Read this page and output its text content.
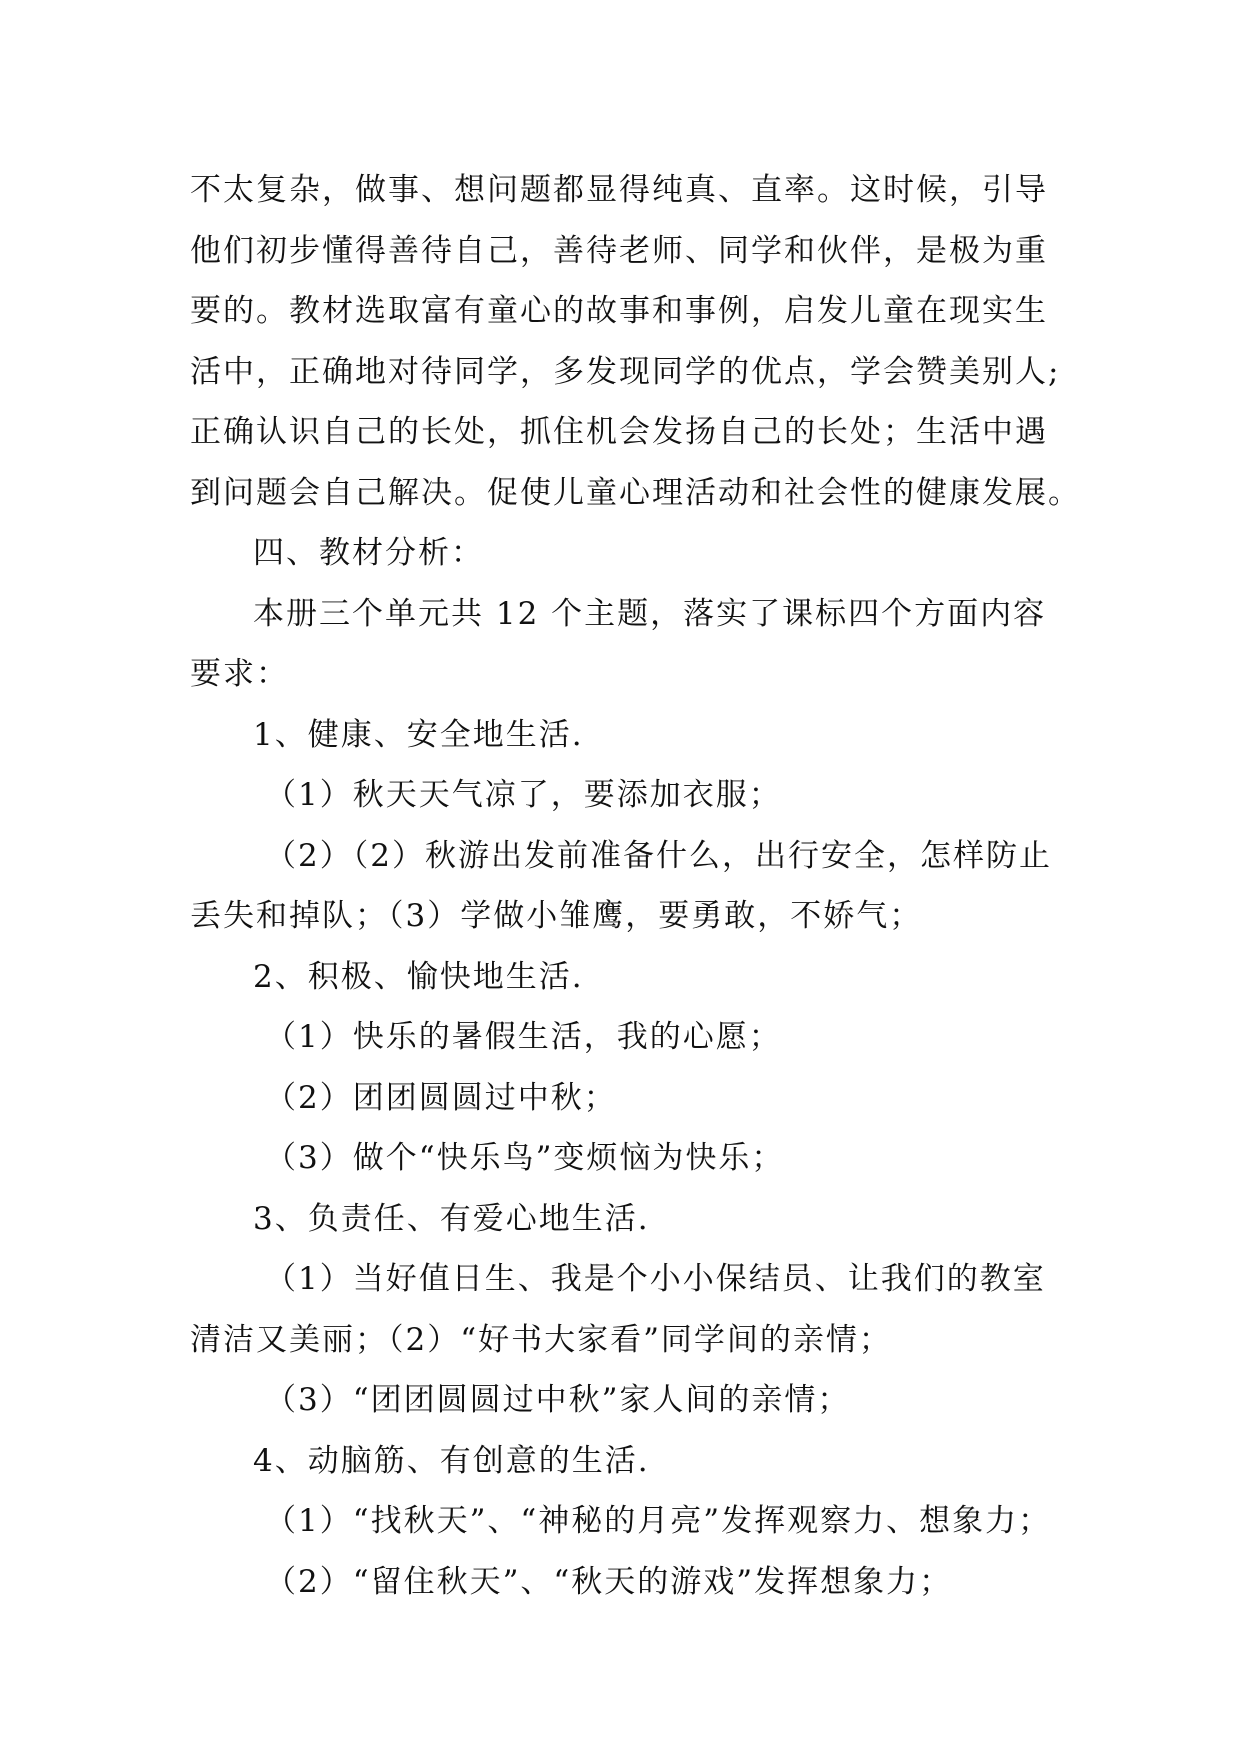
不太复杂，做事、想问题都显得纯真、直率。这时候，引导
他们初步懂得善待自己，善待老师、同学和伙伴，是极为重
要的。教材选取富有童心的故事和事例，启发儿童在现实生
活中，正确地对待同学，多发现同学的优点，学会赞美别人;
正确认识自己的长处，抓住机会发扬自己的长处；生活中遇
到问题会自己解决。促使儿童心理活动和社会性的健康发展。
四、教材分析：
本册三个单元共 12 个主题，落实了课标四个方面内容
要求：
1、健康、安全地生活.
（1）秋天天气凉了，要添加衣服；
（2）（2）秋游出发前准备什么，出行安全，怎样防止
丢失和掉队；（3）学做小雏鹰，要勇敢，不娇气；
2、积极、愉快地生活.
（1）快乐的暑假生活，我的心愿；
（2）团团圆圆过中秋；
（3）做个“快乐鸟”变烦恼为快乐；
3、负责任、有爱心地生活.
（1）当好值日生、我是个小小保结员、让我们的教室
清洁又美丽；（2）“好书大家看”同学间的亲情；
（3）“团团圆圆过中秋”家人间的亲情；
4、动脑筋、有创意的生活.
（1）“找秋天”、“神秘的月亮”发挥观察力、想象力；
（2）“留住秋天”、“秋天的游戏”发挥想象力；
